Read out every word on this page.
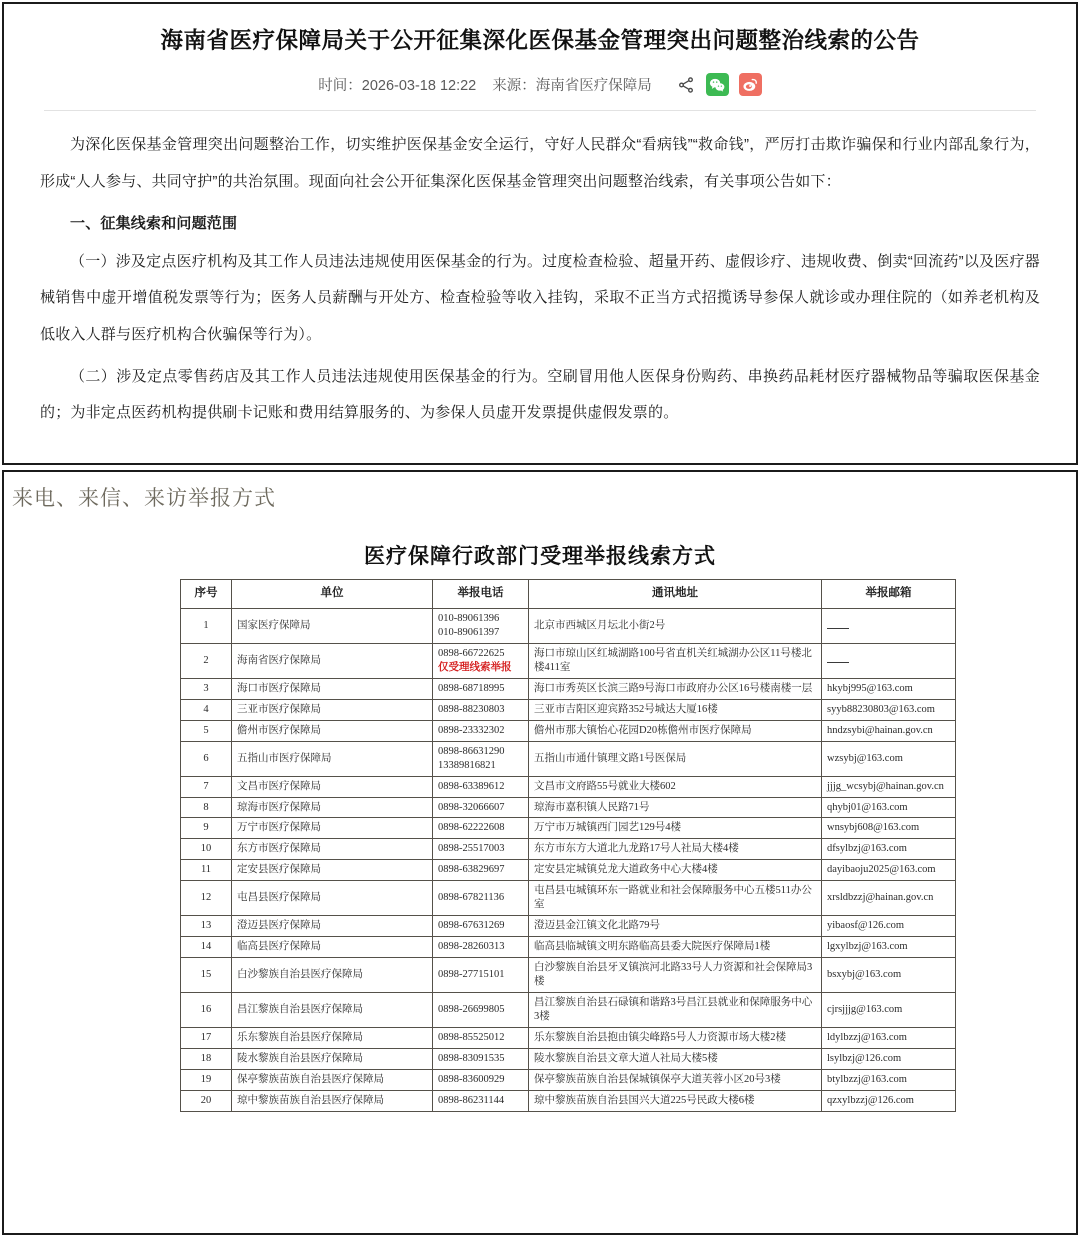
海南省医疗保障局关于公开征集深化医保基金管理突出问题整治线索的公告
时间：2026-03-18 12:22 来源：海南省医疗保障局

为深化医保基金管理突出问题整治工作，切实维护医保基金安全运行，守好人民群众“看病钱”“救命钱”，严厉打击欺诈骗保和行业内部乱象行为，形成“人人参与、共同守护”的共治氛围。现面向社会公开征集深化医保基金管理突出问题整治线索，有关事项公告如下：

一、征集线索和问题范围

（一）涉及定点医疗机构及其工作人员违法违规使用医保基金的行为。过度检查检验、超量开药、虚假诊疗、违规收费、倒卖“回流药”以及医疗器械销售中虚开增值税发票等行为；医务人员薪酬与开处方、检查检验等收入挂钩，采取不正当方式招揽诱导参保人就诊或办理住院的（如养老机构及低收入人群与医疗机构合伙骗保等行为）。

（二）涉及定点零售药店及其工作人员违法违规使用医保基金的行为。空刷冒用他人医保身份购药、串换药品耗材医疗器械物品等骗取医保基金的；为非定点医药机构提供刷卡记账和费用结算服务的、为参保人员虚开发票提供虚假发票的。

来电、来信、来访举报方式
医疗保障行政部门受理举报线索方式
序号	单位	举报电话	通讯地址	举报邮箱
1	国家医疗保障局	010-89061396
010-89061397	北京市西城区月坛北小街2号	
2	海南省医疗保障局	0898-66722625
仅受理线索举报	海口市琼山区红城湖路100号省直机关红城湖办公区11号楼北楼411室	
3	海口市医疗保障局	0898-68718995	海口市秀英区长滨三路9号海口市政府办公区16号楼南楼一层	hkybj995@163.com
4	三亚市医疗保障局	0898-88230803	三亚市吉阳区迎宾路352号城达大厦16楼	syyb88230803@163.com
5	儋州市医疗保障局	0898-23332302	儋州市那大镇怡心花园D20栋儋州市医疗保障局	hndzsybi@hainan.gov.cn
6	五指山市医疗保障局	0898-86631290
13389816821	五指山市通什镇理文路1号医保局	wzsybj@163.com
7	文昌市医疗保障局	0898-63389612	文昌市文府路55号就业大楼602	jjjg_wcsybj@hainan.gov.cn
8	琼海市医疗保障局	0898-32066607	琼海市嘉积镇人民路71号	qhybj01@163.com
9	万宁市医疗保障局	0898-62222608	万宁市万城镇西门园艺129号4楼	wnsybj608@163.com
10	东方市医疗保障局	0898-25517003	东方市东方大道北九龙路17号人社局大楼4楼	dfsylbzj@163.com
11	定安县医疗保障局	0898-63829697	定安县定城镇兑龙大道政务中心大楼4楼	dayibaoju2025@163.com
12	屯昌县医疗保障局	0898-67821136	屯昌县屯城镇环东一路就业和社会保障服务中心五楼511办公室	xrsldbzzj@hainan.gov.cn
13	澄迈县医疗保障局	0898-67631269	澄迈县金江镇文化北路79号	yibaosf@126.com
14	临高县医疗保障局	0898-28260313	临高县临城镇文明东路临高县委大院医疗保障局1楼	lgxylbzj@163.com
15	白沙黎族自治县医疗保障局	0898-27715101	白沙黎族自治县牙叉镇滨河北路33号人力资源和社会保障局3楼	bsxybj@163.com
16	昌江黎族自治县医疗保障局	0898-26699805	昌江黎族自治县石碌镇和谐路3号昌江县就业和保障服务中心3楼	cjrsjjjg@163.com
17	乐东黎族自治县医疗保障局	0898-85525012	乐东黎族自治县抱由镇尖峰路5号人力资源市场大楼2楼	ldylbzzj@163.com
18	陵水黎族自治县医疗保障局	0898-83091535	陵水黎族自治县文章大道人社局大楼5楼	lsylbzj@126.com
19	保亭黎族苗族自治县医疗保障局	0898-83600929	保亭黎族苗族自治县保城镇保亭大道芙蓉小区20号3楼	btylbzzj@163.com
20	琼中黎族苗族自治县医疗保障局	0898-86231144	琼中黎族苗族自治县国兴大道225号民政大楼6楼	qzxylbzzj@126.com
